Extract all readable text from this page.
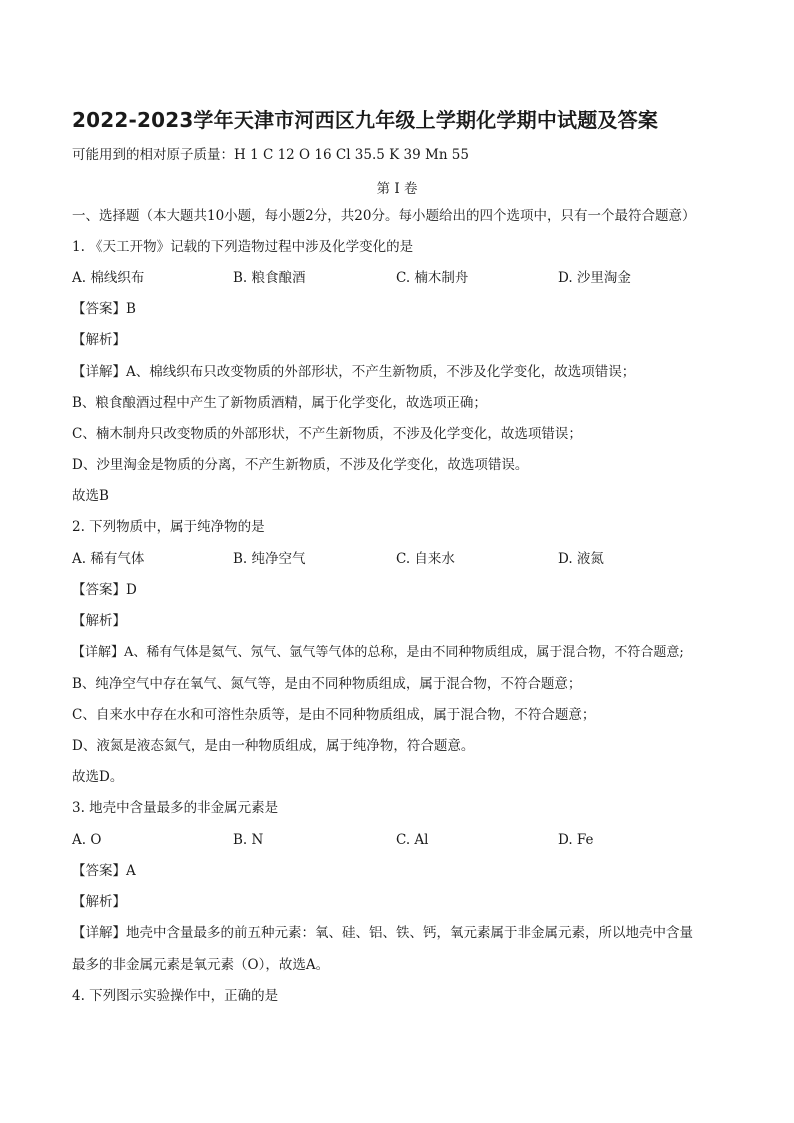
2022-2023学年天津市河西区九年级上学期化学期中试题及答案
可能用到的相对原子质量：H 1 C 12 O 16 Cl 35.5 K 39 Mn 55
第 Ⅰ 卷
一、选择题（本大题共10小题，每小题2分，共20分。每小题给出的四个选项中，只有一个最符合题意）
1. 《天工开物》记载的下列造物过程中涉及化学变化的是
A. 棉线织布	B. 粮食酿酒	C. 楠木制舟	D. 沙里淘金
【答案】B
【解析】
【详解】A、棉线织布只改变物质的外部形状，不产生新物质，不涉及化学变化，故选项错误；
B、粮食酿酒过程中产生了新物质酒精，属于化学变化，故选项正确；
C、楠木制舟只改变物质的外部形状，不产生新物质，不涉及化学变化，故选项错误；
D、沙里淘金是物质的分离，不产生新物质，不涉及化学变化，故选项错误。
故选B
2. 下列物质中，属于纯净物的是
A. 稀有气体	B. 纯净空气	C. 自来水	D. 液氮
【答案】D
【解析】
【详解】A、稀有气体是氦气、氖气、氩气等气体的总称，是由不同种物质组成，属于混合物，不符合题意;
B、纯净空气中存在氧气、氮气等，是由不同种物质组成，属于混合物，不符合题意；
C、自来水中存在水和可溶性杂质等，是由不同种物质组成，属于混合物，不符合题意；
D、液氮是液态氮气，是由一种物质组成，属于纯净物，符合题意。
故选D。
3. 地壳中含量最多的非金属元素是
A. O	B. N	C. Al	D. Fe
【答案】A
【解析】
【详解】地壳中含量最多的前五种元素：氧、硅、铝、铁、钙，氧元素属于非金属元素，所以地壳中含量
最多的非金属元素是氧元素（O），故选A。
4. 下列图示实验操作中，正确的是
